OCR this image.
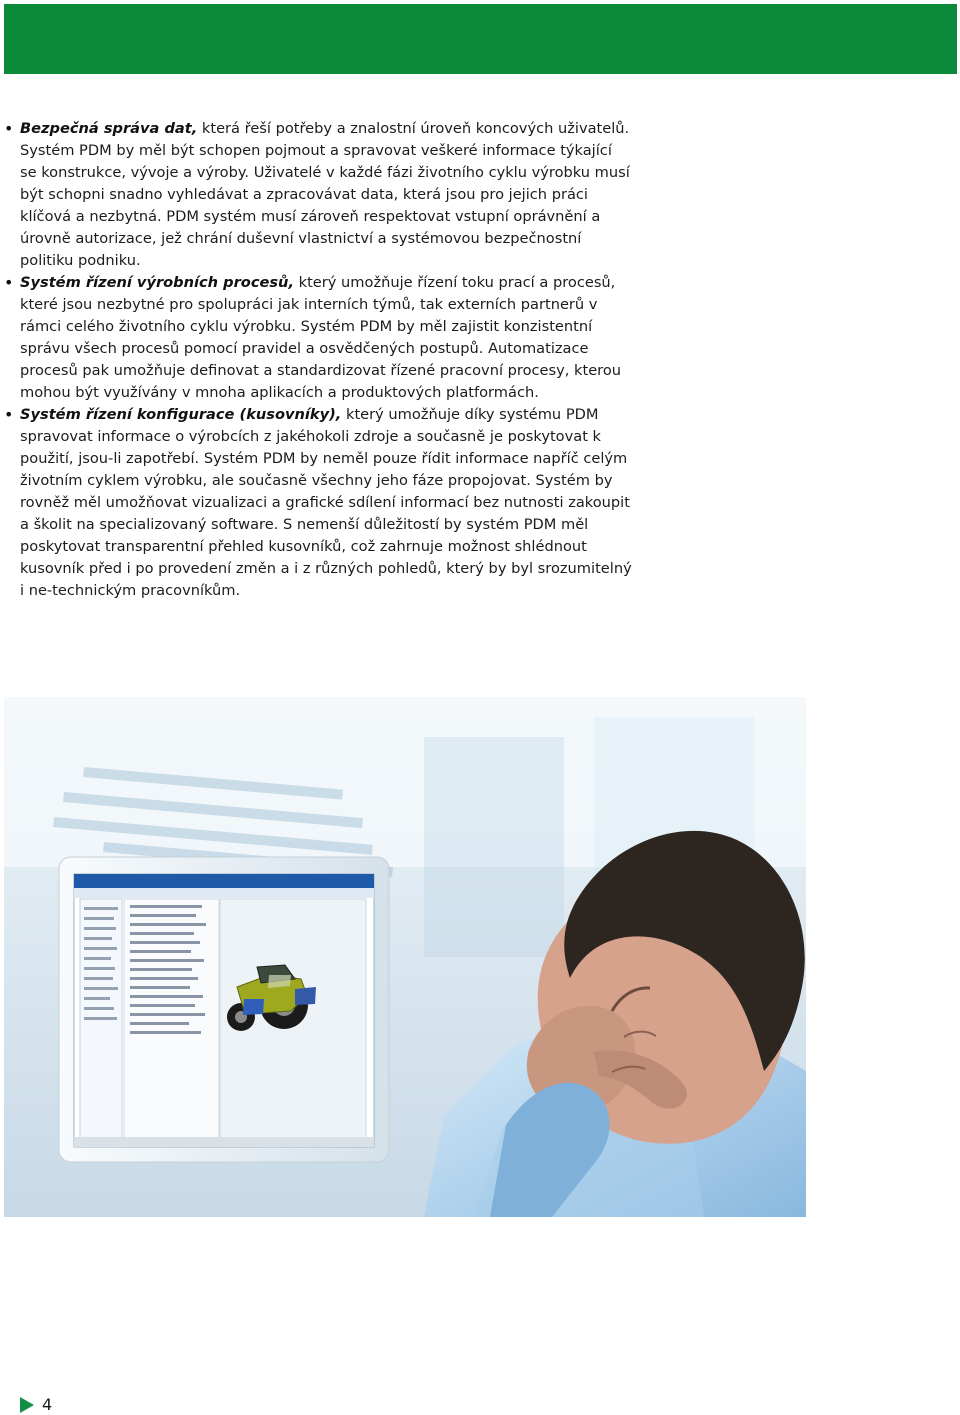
• Bezpečná správa dat, která řeší potřeby a znalostní úroveň koncových uživatelů. Systém PDM by měl být schopen pojmout a spravovat veškeré informace týkající se konstrukce, vývoje a výroby. Uživatelé v každé fázi životního cyklu výrobku musí být schopni snadno vyhledávat a zpracovávat data, která jsou pro jejich práci klíčová a nezbytná. PDM systém musí zároveň respektovat vstupní oprávnění a úrovně autorizace, jež chrání duševní vlastnictví a systémovou bezpečnostní politiku podniku.
• Systém řízení výrobních procesů, který umožňuje řízení toku prací a procesů, které jsou nezbytné pro spolupráci jak interních týmů, tak externích partnerů v rámci celého životního cyklu výrobku. Systém PDM by měl zajistit konzistentní správu všech procesů pomocí pravidel a osvědčených postupů. Automatizace procesů pak umožňuje definovat a standardizovat řízené pracovní procesy, kterou mohou být využívány v mnoha aplikacích a produktových platformách.
• Systém řízení konfigurace (kusovníky), který umožňuje díky systému PDM spravovat informace o výrobcích z jakéhokoli zdroje a současně je poskytovat k použití, jsou-li zapotřebí. Systém PDM by neměl pouze řídit informace napříč celým životním cyklem výrobku, ale současně všechny jeho fáze propojovat. Systém by rovněž měl umožňovat vizualizaci a grafické sdílení informací bez nutnosti zakoupit a školit na specializovaný software. S nemenší důležitostí by systém PDM měl poskytovat transparentní přehled kusovníků, což zahrnuje možnost shlédnout kusovník před i po provedení změn a i z různých pohledů, který by byl srozumitelný i ne-technickým pracovníkům.
4
